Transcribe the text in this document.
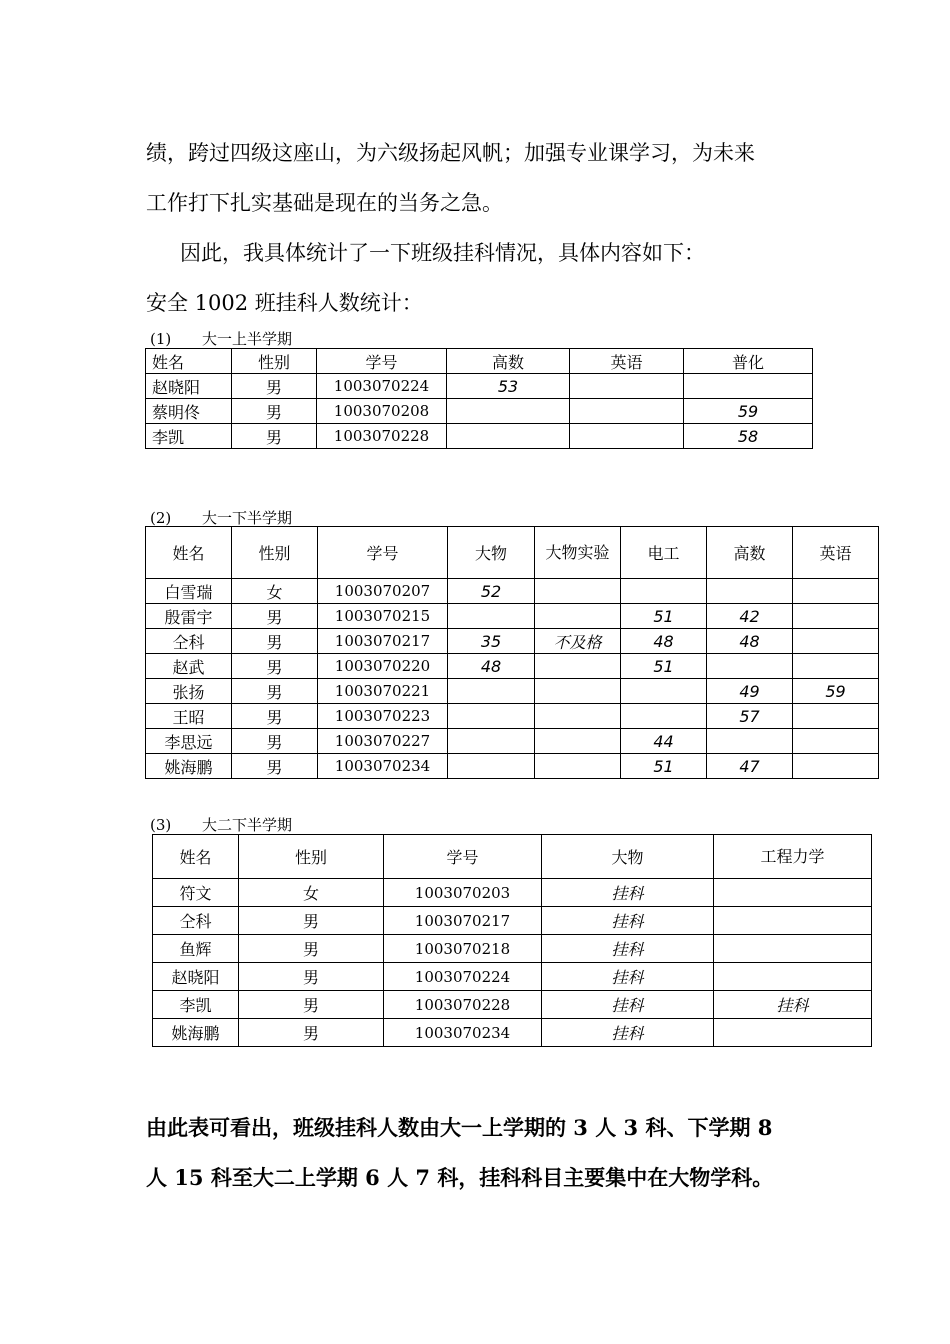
绩，跨过四级这座山，为六级扬起风帆；加强专业课学习，为未来
工作打下扎实基础是现在的当务之急。
因此，我具体统计了一下班级挂科情况，具体内容如下：
安全 1002 班挂科人数统计：
(1) 大一上半学期
姓名	性别	学号	高数	英语	普化
赵晓阳	男	1003070224	53		
蔡明佟	男	1003070208			59
李凯	男	1003070228			58
(2) 大一下半学期
姓名	性别	学号	大物	大物实验	电工	高数	英语
白雪瑞	女	1003070207	52				
殷雷宇	男	1003070215			51	42	
仝科	男	1003070217	35	不及格	48	48	
赵武	男	1003070220	48		51		
张扬	男	1003070221				49	59
王昭	男	1003070223				57	
李思远	男	1003070227			44		
姚海鹏	男	1003070234			51	47	
(3) 大二下半学期
姓名	性别	学号	大物	工程力学
符文	女	1003070203	挂科	
仝科	男	1003070217	挂科	
鱼辉	男	1003070218	挂科	
赵晓阳	男	1003070224	挂科	
李凯	男	1003070228	挂科	挂科
姚海鹏	男	1003070234	挂科	
由此表可看出，班级挂科人数由大一上学期的 3 人 3 科、下学期 8
人 15 科至大二上学期 6 人 7 科，挂科科目主要集中在大物学科。
